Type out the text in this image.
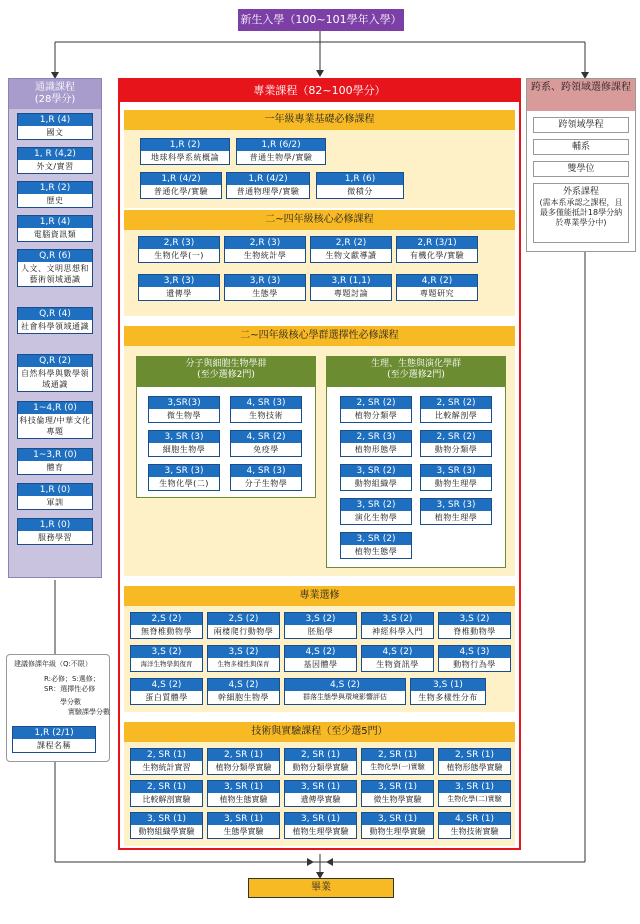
新生入學（100~101學年入學）
通識課程
(28學分)
1,R (4)
國文
1, R (4,2)
外文/實習
1,R (2)
歷史
1,R (4)
電腦資訊類
Q,R (6)
人文、文明思想和藝術領域通識
Q,R (4)
社會科學領域通識
Q,R (2)
自然科學與數學領域通識
1~4,R (0)
科技倫理/中華文化專題
1~3,R (0)
體育
1,R (0)
軍訓
1,R (0)
服務學習
跨系、跨領域選修課程
跨領域學程
輔系
雙學位
外系課程
(需本系承認之課程，且最多僅能抵計18學分納於專業學分中)
專業課程（82~100學分）
一年級專業基礎必修課程
1,R (2)
地球科學系統概論
1,R (6/2)
普通生物學/實驗
1,R (4/2)
普通化學/實驗
1,R (4/2)
普通物理學/實驗
1,R (6)
微積分
二~四年級核心必修課程
2,R (3)
生物化學(一)
2,R (3)
生物統計學
2,R (2)
生物文獻導讀
2,R (3/1)
有機化學/實驗
3,R (3)
遺傳學
3,R (3)
生態學
3,R (1,1)
專題討論
4,R (2)
專題研究
二~四年級核心學群選擇性必修課程
分子與細胞生物學群
(至少選修2門)
3,SR(3)
微生物學
4, SR (3)
生物技術
3, SR (3)
細胞生物學
4, SR (2)
免疫學
3, SR (3)
生物化學(二)
4, SR (3)
分子生物學
生理、生態與演化學群
(至少選修2門)
2, SR (2)
植物分類學
2, SR (2)
比較解剖學
2, SR (3)
植物形態學
2, SR (2)
動物分類學
3, SR (2)
動物組織學
3, SR (3)
動物生理學
3, SR (2)
演化生物學
3, SR (3)
植物生理學
3, SR (2)
植物生態學
專業選修
2,S (2)
無脊椎動物學
2,S (2)
兩棲爬行動物學
3,S (2)
胚胎學
3,S (2)
神經科學入門
3,S (2)
脊椎動物學
3,S (2)
海洋生物學與復育
3,S (2)
生物多樣性與保育
4,S (2)
基因體學
4,S (2)
生物資訊學
4,S (3)
動物行為學
4,S (2)
蛋白質體學
4,S (2)
幹細胞生物學
4,S (2)
群落生態學與環境影響評估
3,S (1)
生物多樣性分布
技術與實驗課程（至少選5門）
2, SR (1)
生物統計實習
2, SR (1)
植物分類學實驗
2, SR (1)
動物分類學實驗
2, SR (1)
生物化學(一)實驗
2, SR (1)
植物形態學實驗
2, SR (1)
比較解剖實驗
3, SR (1)
植物生態實驗
3, SR (1)
遺傳學實驗
3, SR (1)
微生物學實驗
3, SR (1)
生物化學(二)實驗
3, SR (1)
動物組織學實驗
3, SR (1)
生態學實驗
3, SR (1)
植物生理學實驗
3, SR (1)
動物生理學實驗
4, SR (1)
生物技術實驗
建議修課年級（Q:不限）
R:必修；S:選修；
SR：選擇性必修
學分數
實驗課學分數
1,R (2/1)
課程名稱
畢業
